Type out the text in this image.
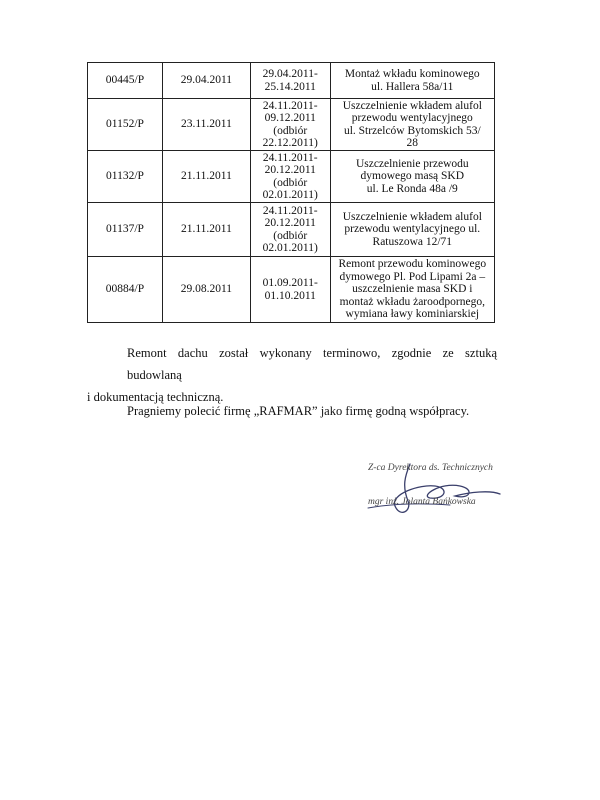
00445/P	29.04.2011	29.04.2011-
25.14.2011	Montaż wkładu kominowego
ul. Hallera 58a/11

01152/P	23.11.2011	24.11.2011-
09.12.2011
(odbiór
22.12.2011)	Uszczelnienie wkładem alufol
przewodu wentylacyjnego
ul. Strzelców Bytomskich 53/
28

01132/P	21.11.2011	24.11.2011-
20.12.2011
(odbiór
02.01.2011)	Uszczelnienie przewodu
dymowego masą SKD
ul. Le Ronda 48a /9

01137/P	21.11.2011	24.11.2011-
20.12.2011
(odbiór
02.01.2011)	Uszczelnienie wkładem alufol
przewodu wentylacyjnego ul.
Ratuszowa 12/71

00884/P	29.08.2011	01.09.2011-
01.10.2011	Remont przewodu kominowego
dymowego Pl. Pod Lipami 2a –
uszczelnienie masa SKD i
montaż wkładu żaroodpornego,
wymiana ławy kominiarskiej
Remont dachu został wykonany terminowo, zgodnie ze sztuką budowlaną
i dokumentacją techniczną.
Pragniemy polecić firmę „RAFMAR” jako firmę godną współpracy.
Z-ca Dyrektora ds. Technicznych
mgr inż. Jolanta Bańkowska
